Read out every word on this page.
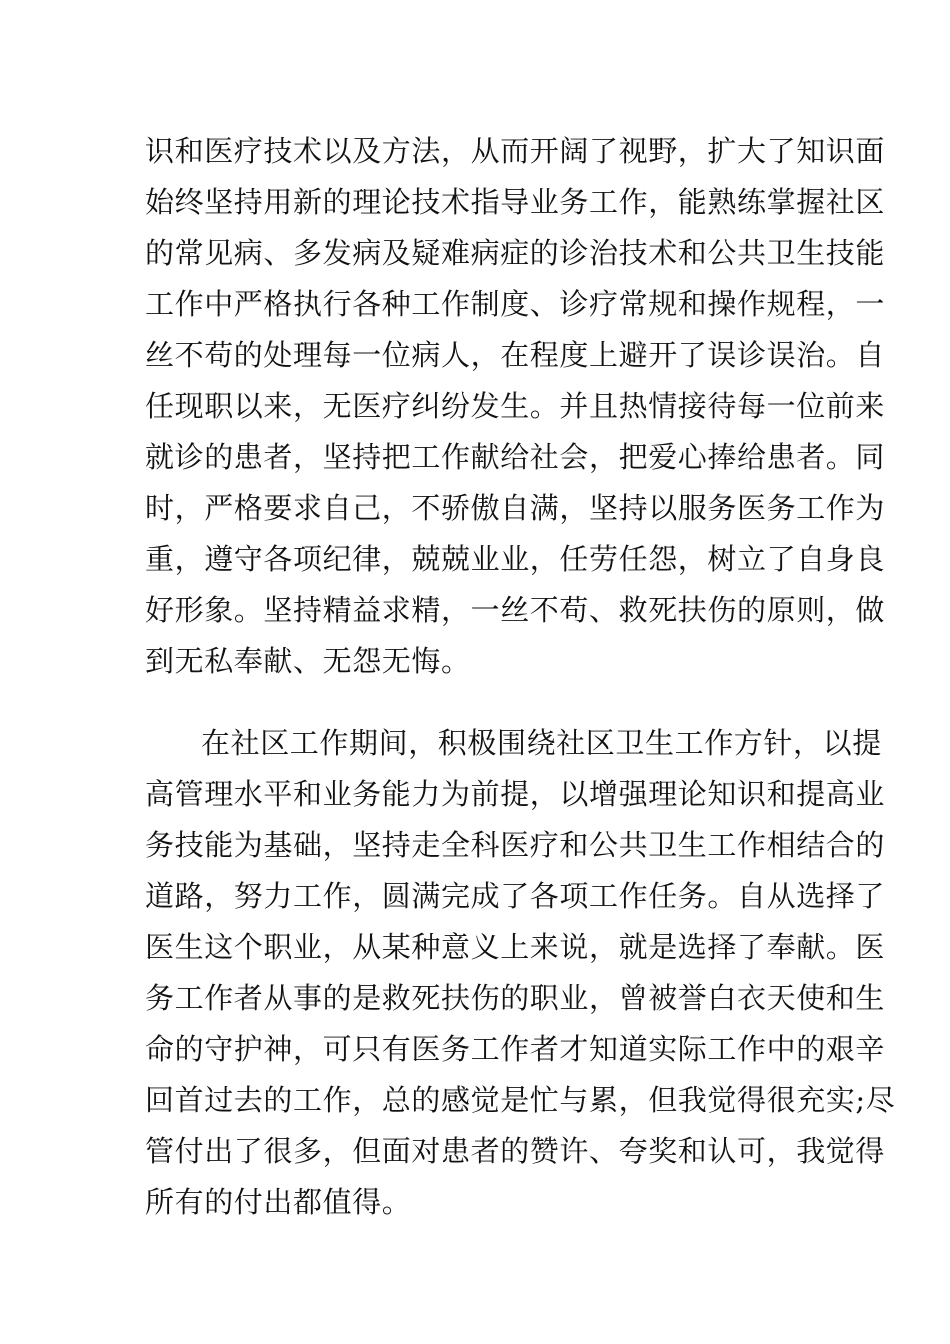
识和医疗技术以及方法，从而开阔了视野，扩大了知识面
始终坚持用新的理论技术指导业务工作，能熟练掌握社区
的常见病、多发病及疑难病症的诊治技术和公共卫生技能
工作中严格执行各种工作制度、诊疗常规和操作规程，一
丝不苟的处理每一位病人，在程度上避开了误诊误治。自
任现职以来，无医疗纠纷发生。并且热情接待每一位前来
就诊的患者，坚持把工作献给社会，把爱心捧给患者。同
时，严格要求自己，不骄傲自满，坚持以服务医务工作为
重，遵守各项纪律，兢兢业业，任劳任怨，树立了自身良
好形象。坚持精益求精，一丝不苟、救死扶伤的原则，做
到无私奉献、无怨无悔。
在社区工作期间，积极围绕社区卫生工作方针，以提
高管理水平和业务能力为前提，以增强理论知识和提高业
务技能为基础，坚持走全科医疗和公共卫生工作相结合的
道路，努力工作，圆满完成了各项工作任务。自从选择了
医生这个职业，从某种意义上来说，就是选择了奉献。医
务工作者从事的是救死扶伤的职业，曾被誉白衣天使和生
命的守护神，可只有医务工作者才知道实际工作中的艰辛
回首过去的工作，总的感觉是忙与累，但我觉得很充实;尽
管付出了很多，但面对患者的赞许、夸奖和认可，我觉得
所有的付出都值得。
